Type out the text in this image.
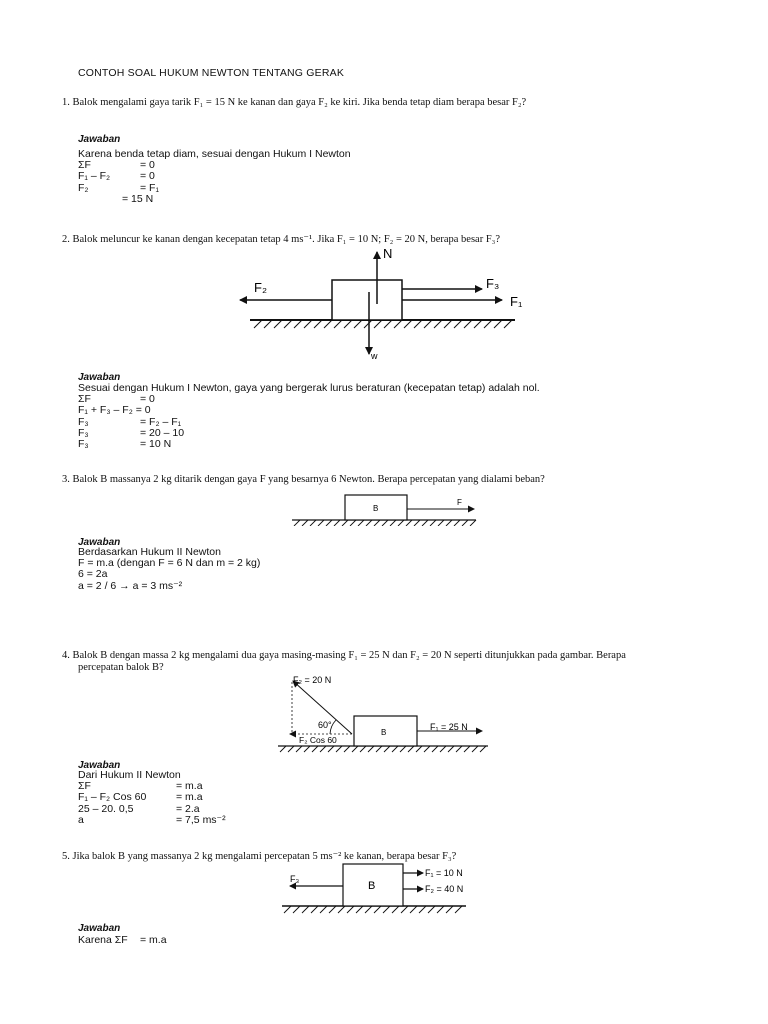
CONTOH SOAL HUKUM NEWTON TENTANG GERAK
1. Balok mengalami gaya tarik F₁ = 15 N ke kanan dan gaya F₂ ke kiri. Jika benda tetap diam berapa besar F₂?
Jawaban
Karena benda tetap diam, sesuai dengan Hukum I Newton
ΣF	= 0
F₁ – F₂	= 0
F₂	= F₁
= 15 N
2. Balok meluncur ke kanan dengan kecepatan tetap 4 ms⁻¹. Jika F₁ = 10 N; F₂ = 20 N, berapa besar F₃?
N
w
F₂	F₃
F₁
Jawaban
Sesuai dengan Hukum I Newton, gaya yang bergerak lurus beraturan (kecepatan tetap) adalah nol.
ΣF	= 0
F₁ + F₃ – F₂ = 0
F₃	= F₂ – F₁
F₃	= 20 – 10
F₃	= 10 N
3. Balok B massanya 2 kg ditarik dengan gaya F yang besarnya 6 Newton. Berapa percepatan yang dialami beban?
B
F
Jawaban
Berdasarkan Hukum II Newton
F = m.a (dengan F = 6 N dan m = 2 kg)
6 = 2a
a = 2 / 6 → a = 3 ms⁻²
4. Balok B dengan massa 2 kg mengalami dua gaya masing-masing F₁ = 25 N dan F₂ = 20 N seperti ditunjukkan pada gambar. Berapa
percepatan balok B?
F₂ = 20 N
60°
F₂ Cos 60
B
F₁ = 25 N
Jawaban
Dari Hukum II Newton
ΣF	= m.a
F₁ – F₂ Cos 60	= m.a
25 – 20. 0,5	= 2.a
a	= 7,5 ms⁻²
5. Jika balok B yang massanya 2 kg mengalami percepatan 5 ms⁻² ke kanan, berapa besar F₃?
B
F₃
F₁ = 10 N
F₂ = 40 N
Jawaban
Karena ΣF = m.a
